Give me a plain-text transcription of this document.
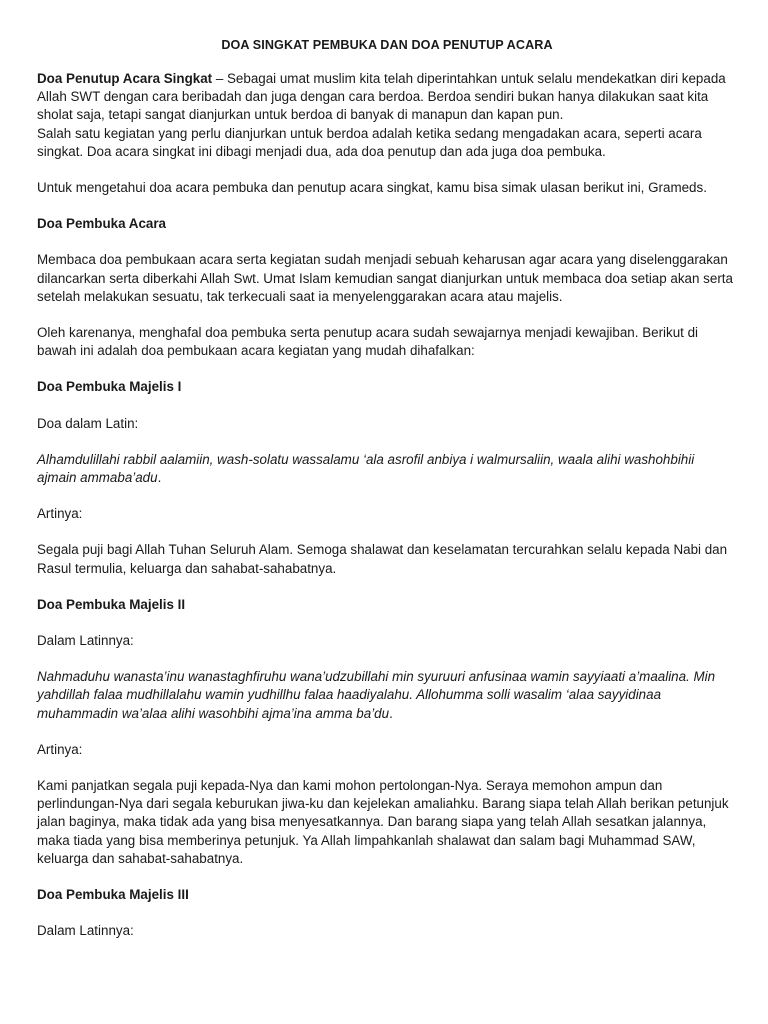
DOA SINGKAT PEMBUKA DAN DOA PENUTUP ACARA

Doa Penutup Acara Singkat – Sebagai umat muslim kita telah diperintahkan untuk selalu mendekatkan diri kepada Allah SWT dengan cara beribadah dan juga dengan cara berdoa. Berdoa sendiri bukan hanya dilakukan saat kita sholat saja, tetapi sangat dianjurkan untuk berdoa di banyak di manapun dan kapan pun.

Salah satu kegiatan yang perlu dianjurkan untuk berdoa adalah ketika sedang mengadakan acara, seperti acara singkat. Doa acara singkat ini dibagi menjadi dua, ada doa penutup dan ada juga doa pembuka.

Untuk mengetahui doa acara pembuka dan penutup acara singkat, kamu bisa simak ulasan berikut ini, Grameds.
Doa Pembuka Acara
Membaca doa pembukaan acara serta kegiatan sudah menjadi sebuah keharusan agar acara yang diselenggarakan dilancarkan serta diberkahi Allah Swt. Umat Islam kemudian sangat dianjurkan untuk membaca doa setiap akan serta setelah melakukan sesuatu, tak terkecuali saat ia menyelenggarakan acara atau majelis.
Oleh karenanya, menghafal doa pembuka serta penutup acara sudah sewajarnya menjadi kewajiban. Berikut di bawah ini adalah doa pembukaan acara kegiatan yang mudah dihafalkan:
Doa Pembuka Majelis I
Doa dalam Latin:
Alhamdulillahi rabbil aalamiin, wash-solatu wassalamu ‘ala asrofil anbiya i walmursaliin, waala alihi washohbihii ajmain ammaba’adu.
Artinya:
Segala puji bagi Allah Tuhan Seluruh Alam. Semoga shalawat dan keselamatan tercurahkan selalu kepada Nabi dan Rasul termulia, keluarga dan sahabat-sahabatnya.
Doa Pembuka Majelis II
Dalam Latinnya:
Nahmaduhu wanasta’inu wanastaghfiruhu wana’udzubillahi min syuruuri anfusinaa wamin sayyiaati a’maalina. Min yahdillah falaa mudhillalahu wamin yudhillhu falaa haadiyalahu. Allohumma solli wasalim ‘alaa sayyidinaa muhammadin wa’alaa alihi wasohbihi ajma’ina amma ba’du.
Artinya:
Kami panjatkan segala puji kepada-Nya dan kami mohon pertolongan-Nya. Seraya memohon ampun dan perlindungan-Nya dari segala keburukan jiwa-ku dan kejelekan amaliahku. Barang siapa telah Allah berikan petunjuk jalan baginya, maka tidak ada yang bisa menyesatkannya. Dan barang siapa yang telah Allah sesatkan jalannya, maka tiada yang bisa memberinya petunjuk. Ya Allah limpahkanlah shalawat dan salam bagi Muhammad SAW, keluarga dan sahabat-sahabatnya.
Doa Pembuka Majelis III
Dalam Latinnya:
